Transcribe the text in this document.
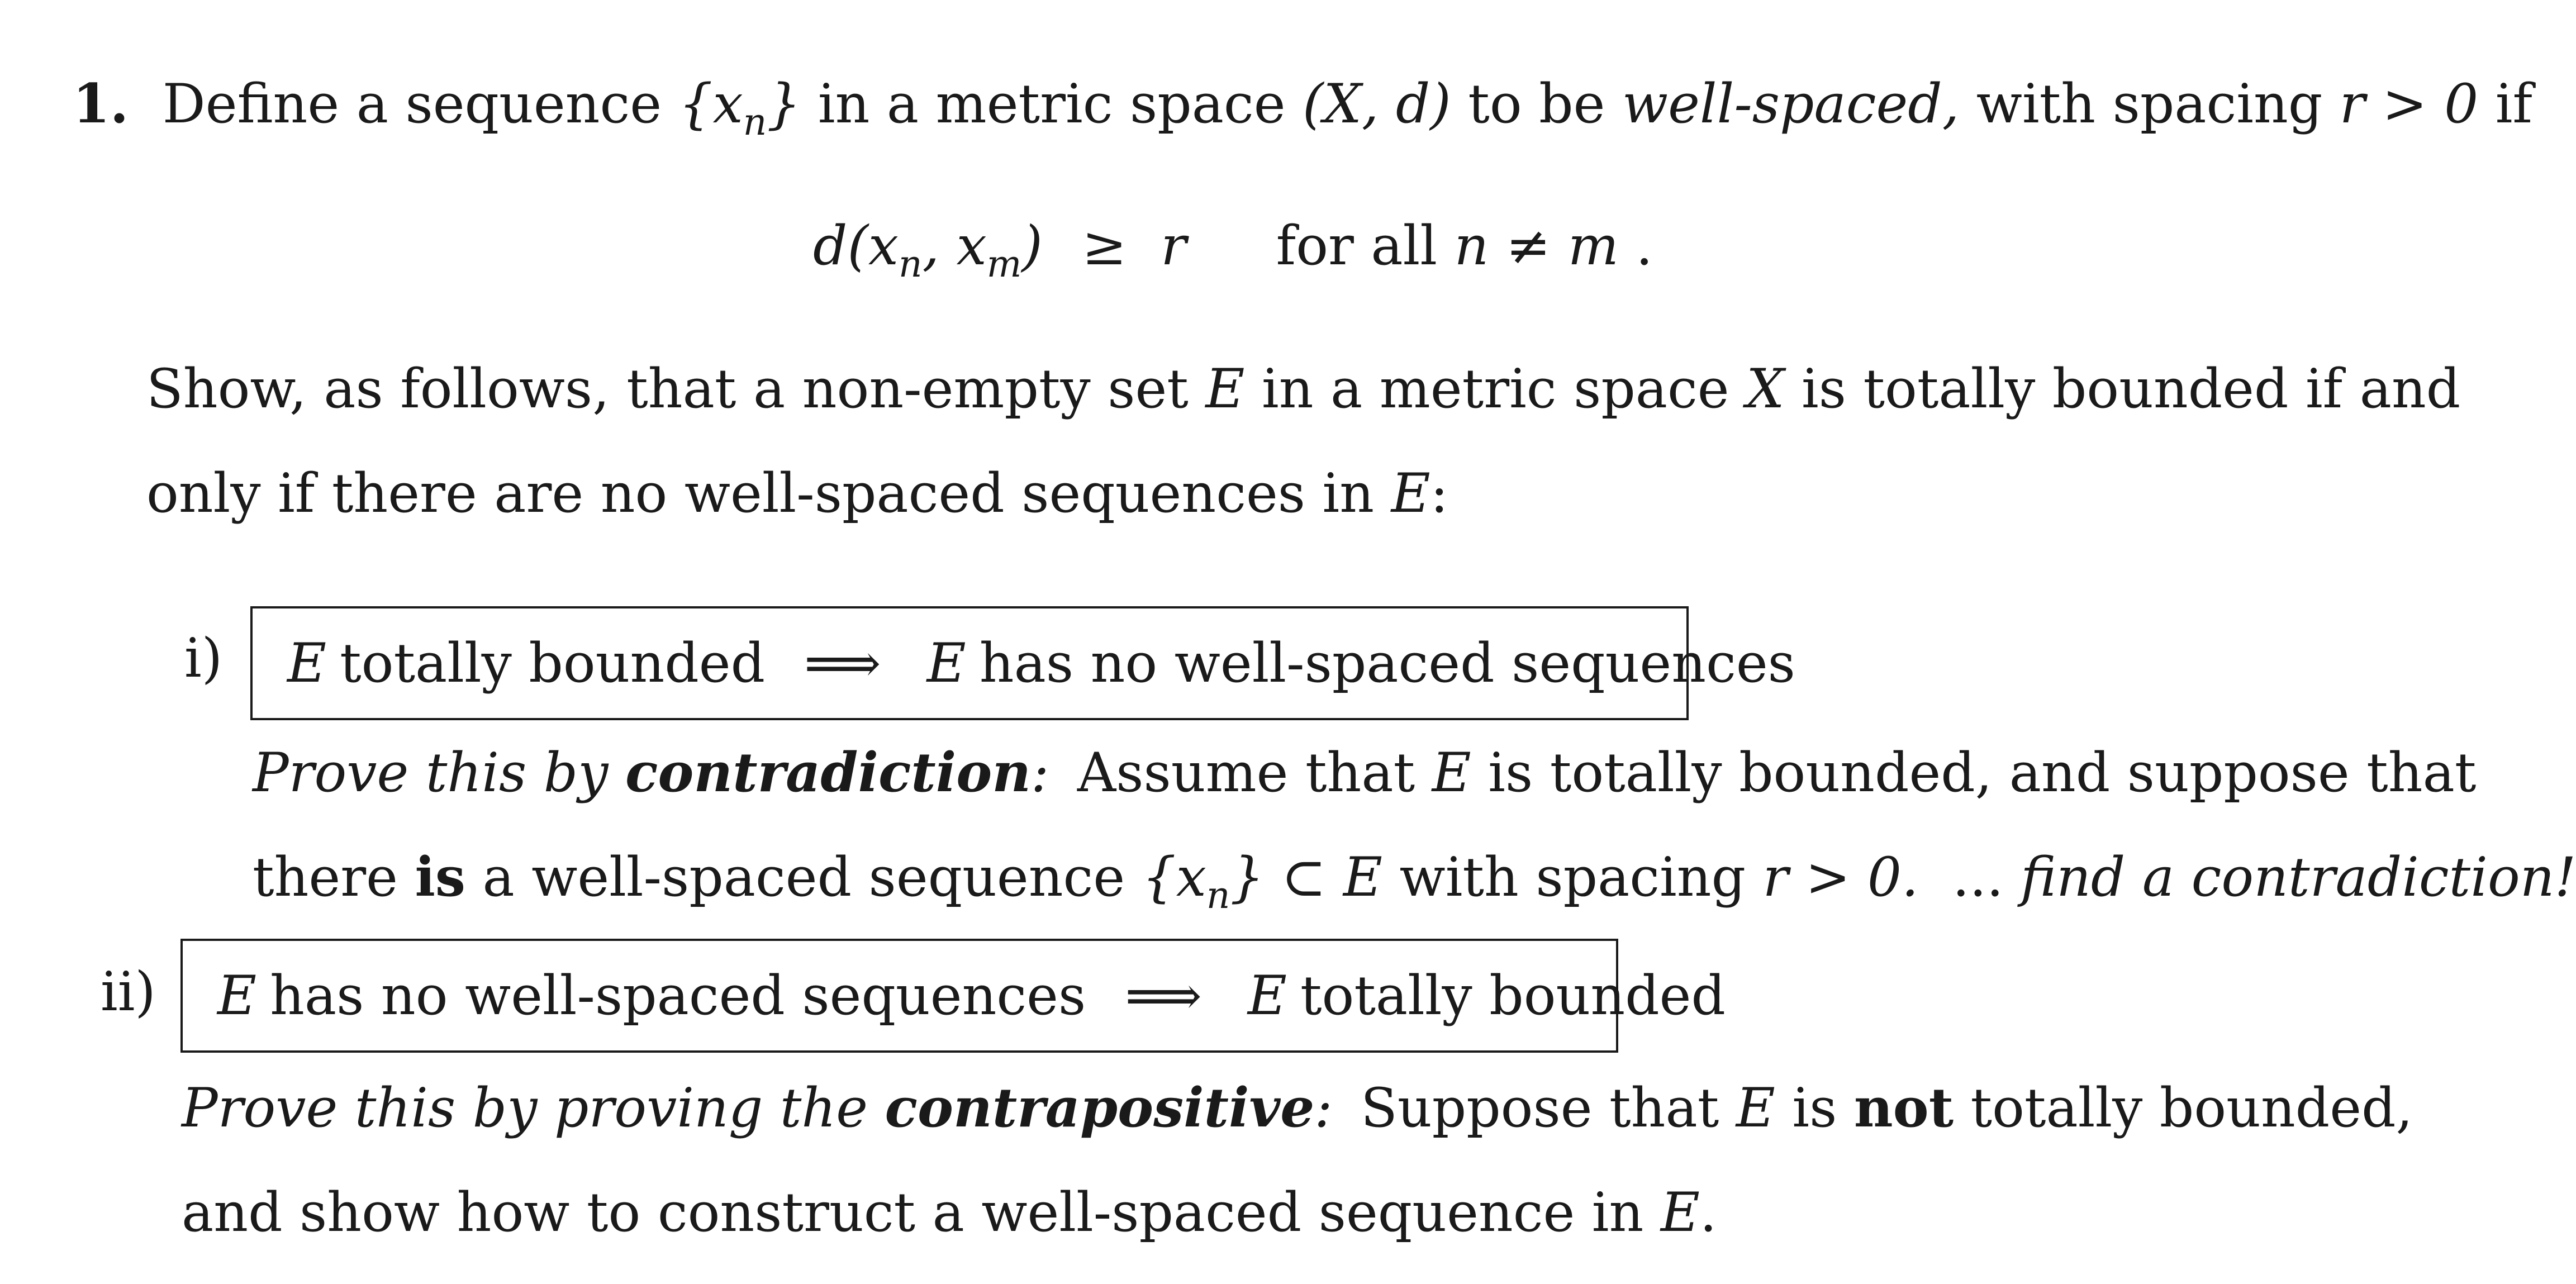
1. Define a sequence $\{x_n\}$ in a metric space (X, d) to be well-spaced, with spacing r > 0 if
$d(x_n$, $x_m) \ge r$ for all n ≠ m .
Show, as follows, that a non-empty set E in a metric space X is totally bounded if and
only if there are no well-spaced sequences in E:
i) E totally bounded ⟹ E has no well-spaced sequences
Prove this by contradiction: Assume that E is totally bounded, and suppose that
there is a well-spaced sequence $\{x_n\}$ ⊂ E with spacing r > 0. ... find a contradiction!
ii) E has no well-spaced sequences ⟹ E totally bounded
Prove this by proving the contrapositive: Suppose that E is not totally bounded,
and show how to construct a well-spaced sequence in E.
